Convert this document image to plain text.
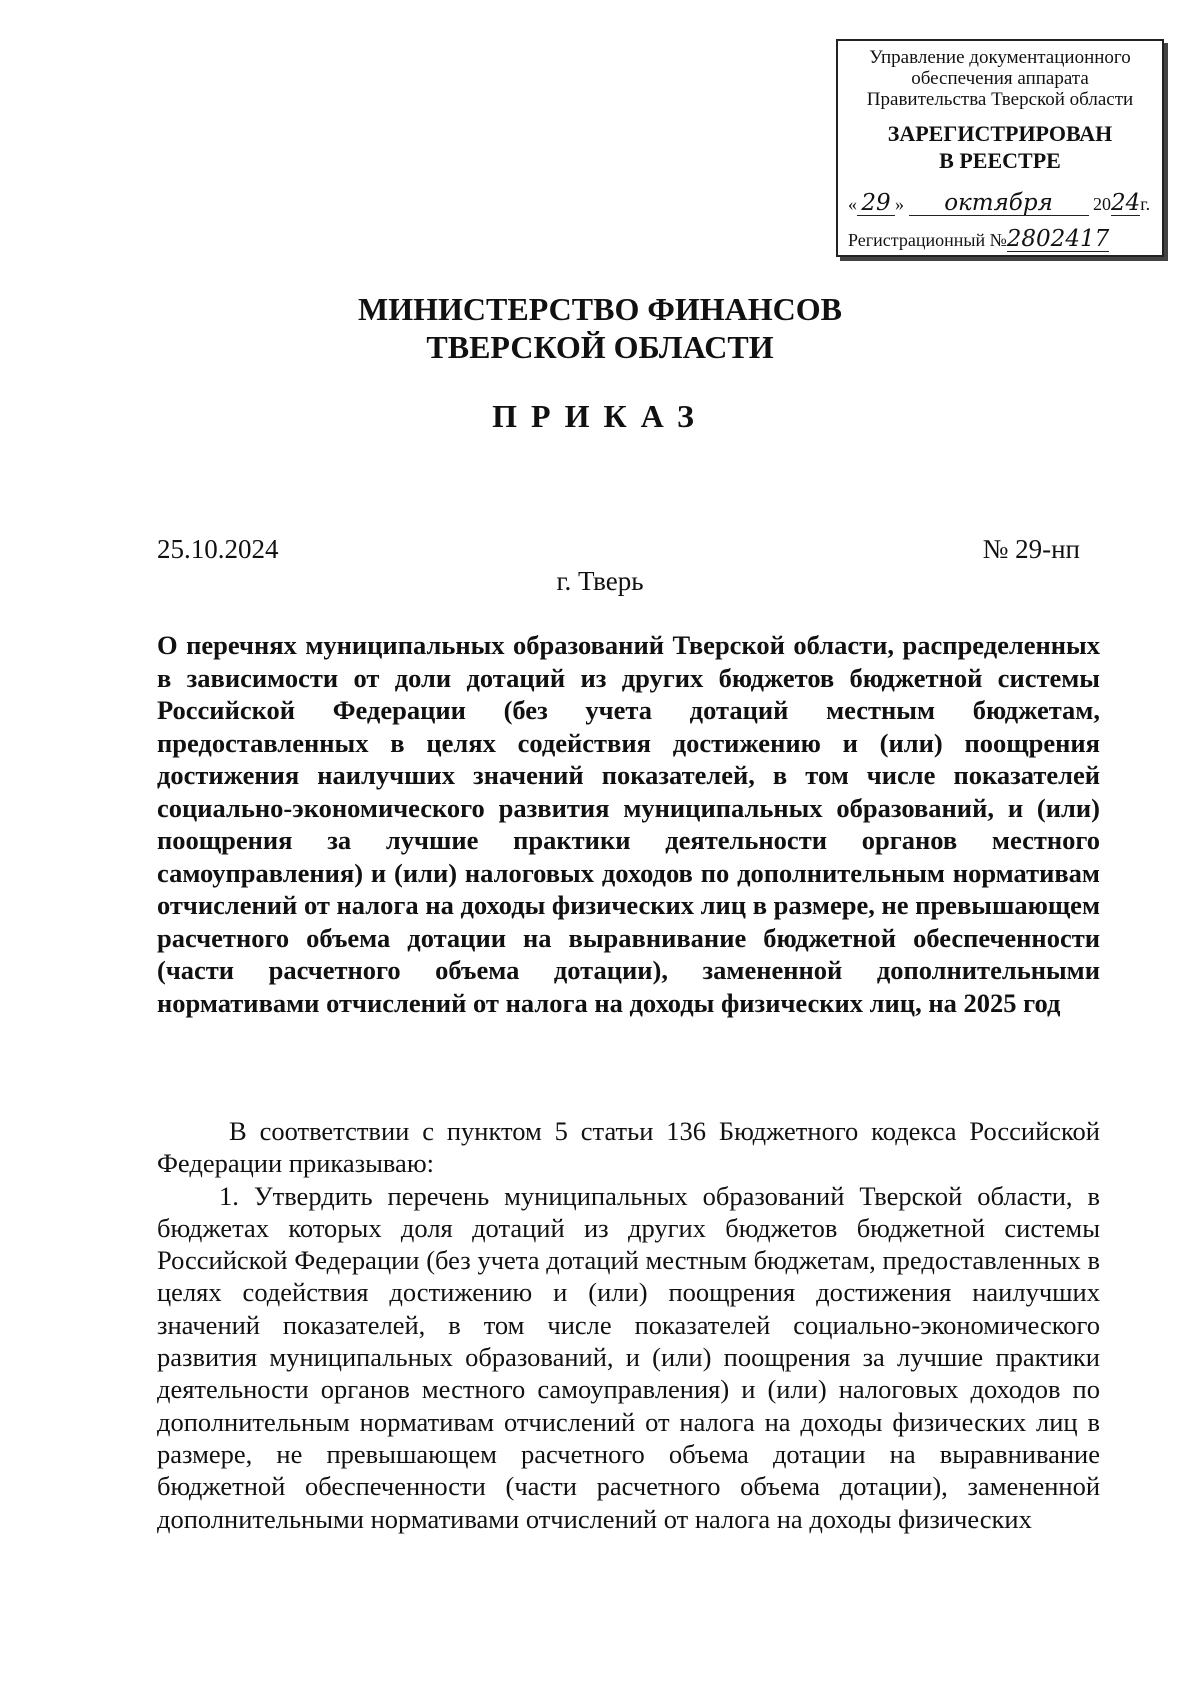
Управление документационного
обеспечения аппарата
Правительства Тверской области
ЗАРЕГИСТРИРОВАН
В РЕЕСТРЕ
« 29 » октября 2024г.
Регистрационный №2802417
МИНИСТЕРСТВО ФИНАНСОВ
ТВЕРСКОЙ ОБЛАСТИ
ПРИКАЗ
25.10.2024	№ 29-нп
г. Тверь
О перечнях муниципальных образований Тверской области, распределенных в зависимости от доли дотаций из других бюджетов бюджетной системы Российской Федерации (без учета дотаций местным бюджетам, предоставленных в целях содействия достижению и (или) поощрения достижения наилучших значений показателей, в том числе показателей социально-экономического развития муниципальных образований, и (или) поощрения за лучшие практики деятельности органов местного самоуправления) и (или) налоговых доходов по дополнительным нормативам отчислений от налога на доходы физических лиц в размере, не превышающем расчетного объема дотации на выравнивание бюджетной обеспеченности (части расчетного объема дотации), замененной дополнительными нормативами отчислений от налога на доходы физических лиц, на 2025 год

В соответствии с пунктом 5 статьи 136 Бюджетного кодекса Российской Федерации приказываю:

1. Утвердить перечень муниципальных образований Тверской области, в бюджетах которых доля дотаций из других бюджетов бюджетной системы Российской Федерации (без учета дотаций местным бюджетам, предоставленных в целях содействия достижению и (или) поощрения достижения наилучших значений показателей, в том числе показателей социально-экономического развития муниципальных образований, и (или) поощрения за лучшие практики деятельности органов местного самоуправления) и (или) налоговых доходов по дополнительным нормативам отчислений от налога на доходы физических лиц в размере, не превышающем расчетного объема дотации на выравнивание бюджетной обеспеченности (части расчетного объема дотации), замененной дополнительными нормативами отчислений от налога на доходы физических
